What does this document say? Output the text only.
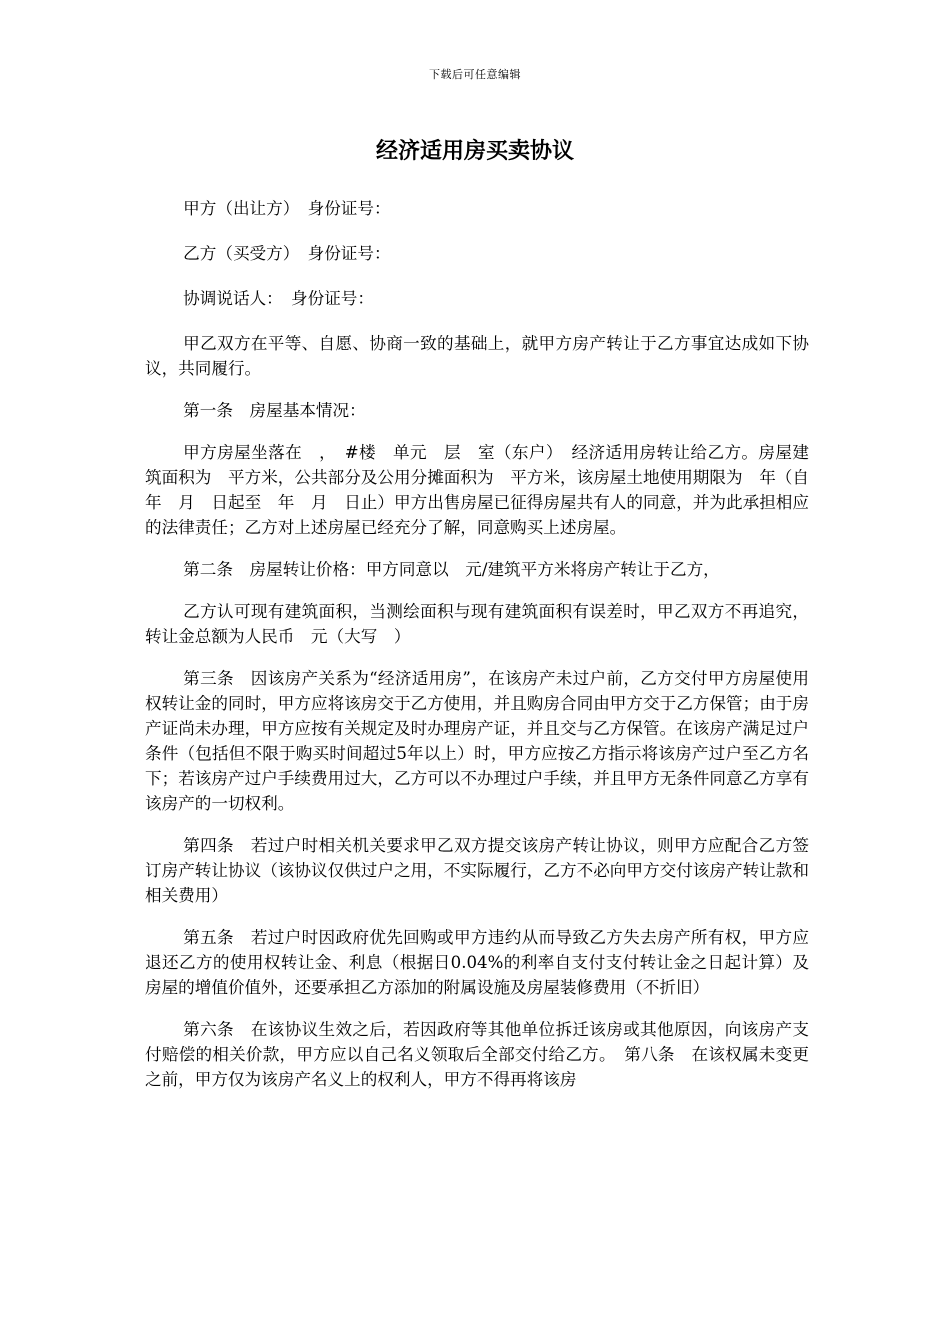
下载后可任意编辑
经济适用房买卖协议

甲方（出让方）　身份证号：

乙方（买受方）　身份证号：

协调说话人：　身份证号：

甲乙双方在平等、自愿、协商一致的基础上，就甲方房产转让于乙方事宜达成如下协议，共同履行。

第一条　房屋基本情况：

甲方房屋坐落在　，　#楼　单元　层　室（东户）　经济适用房转让给乙方。房屋建筑面积为　平方米，公共部分及公用分摊面积为　平方米，该房屋土地使用期限为　年（自　年　月　日起至　年　月　日止）甲方出售房屋已征得房屋共有人的同意，并为此承担相应的法律责任；乙方对上述房屋已经充分了解，同意购买上述房屋。

第二条　房屋转让价格：甲方同意以　元/建筑平方米将房产转让于乙方，

乙方认可现有建筑面积，当测绘面积与现有建筑面积有误差时，甲乙双方不再追究，转让金总额为人民币　元（大写　）

第三条　因该房产关系为“经济适用房”，在该房产未过户前，乙方交付甲方房屋使用权转让金的同时，甲方应将该房交于乙方使用，并且购房合同由甲方交于乙方保管；由于房产证尚未办理，甲方应按有关规定及时办理房产证，并且交与乙方保管。在该房产满足过户条件（包括但不限于购买时间超过5年以上）时，甲方应按乙方指示将该房产过户至乙方名下；若该房产过户手续费用过大，乙方可以不办理过户手续，并且甲方无条件同意乙方享有该房产的一切权利。

第四条　若过户时相关机关要求甲乙双方提交该房产转让协议，则甲方应配合乙方签订房产转让协议（该协议仅供过户之用，不实际履行，乙方不必向甲方交付该房产转让款和相关费用）

第五条　若过户时因政府优先回购或甲方违约从而导致乙方失去房产所有权，甲方应退还乙方的使用权转让金、利息（根据日0.04%的利率自支付支付转让金之日起计算）及房屋的增值价值外，还要承担乙方添加的附属设施及房屋装修费用（不折旧）

第六条　在该协议生效之后，若因政府等其他单位拆迁该房或其他原因，向该房产支付赔偿的相关价款，甲方应以自己名义领取后全部交付给乙方。　第八条　在该权属未变更之前，甲方仅为该房产名义上的权利人，甲方不得再将该房
